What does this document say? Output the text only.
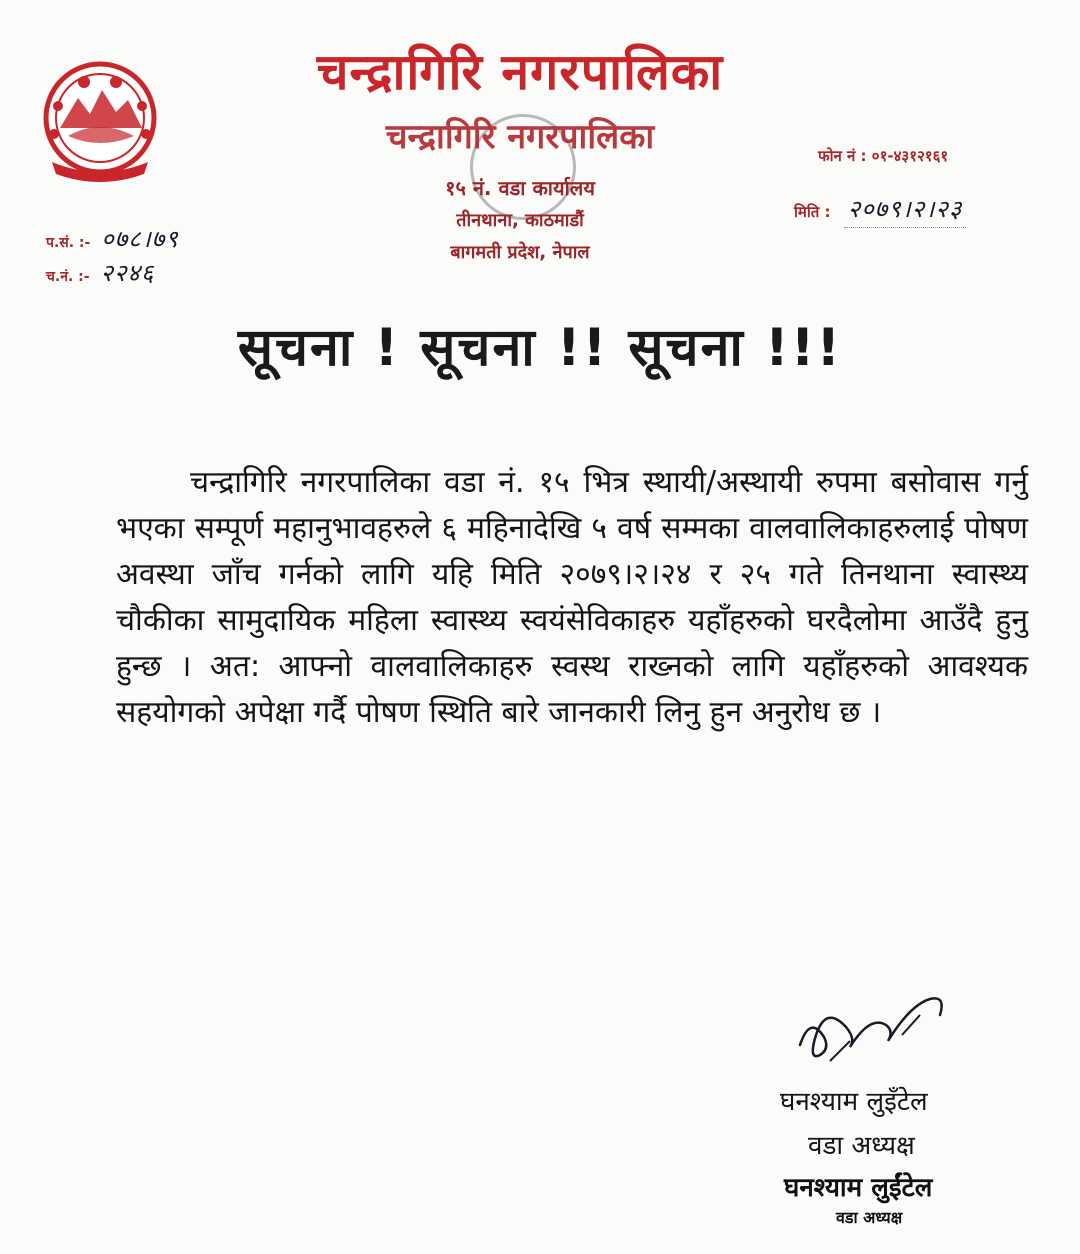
चन्द्रागिरि नगरपालिका
चन्द्रागिरि नगरपालिका
१५ नं. वडा कार्यालय
तीनथाना, काठमाडौं
बागमती प्रदेश, नेपाल
फोन नं : ०१-४३१२१६१
मिति : २०७९।२।२३
प.सं. :- ०७८।७९
च.नं. :- २२४६
सूचना ! सूचना !! सूचना !!!
चन्द्रागिरि नगरपालिका वडा नं. १५ भित्र स्थायी/अस्थायी रुपमा बसोवास गर्नु भएका सम्पूर्ण महानुभावहरुले ६ महिनादेखि ५ वर्ष सम्मका वालवालिकाहरुलाई पोषण अवस्था जाँच गर्नको लागि यहि मिति २०७९।२।२४ र २५ गते तिनथाना स्वास्थ्य चौकीका सामुदायिक महिला स्वास्थ्य स्वयंसेविकाहरु यहाँहरुको घरदैलोमा आउँदै हुनु हुन्छ । अत: आफ्नो वालवालिकाहरु स्वस्थ राख्नको लागि यहाँहरुको आवश्यक सहयोगको अपेक्षा गर्दै पोषण स्थिति बारे जानकारी लिनु हुन अनुरोध छ ।
घनश्याम लुइँटेल
वडा अध्यक्ष
घनश्याम लुईंटेल
वडा अध्यक्ष
